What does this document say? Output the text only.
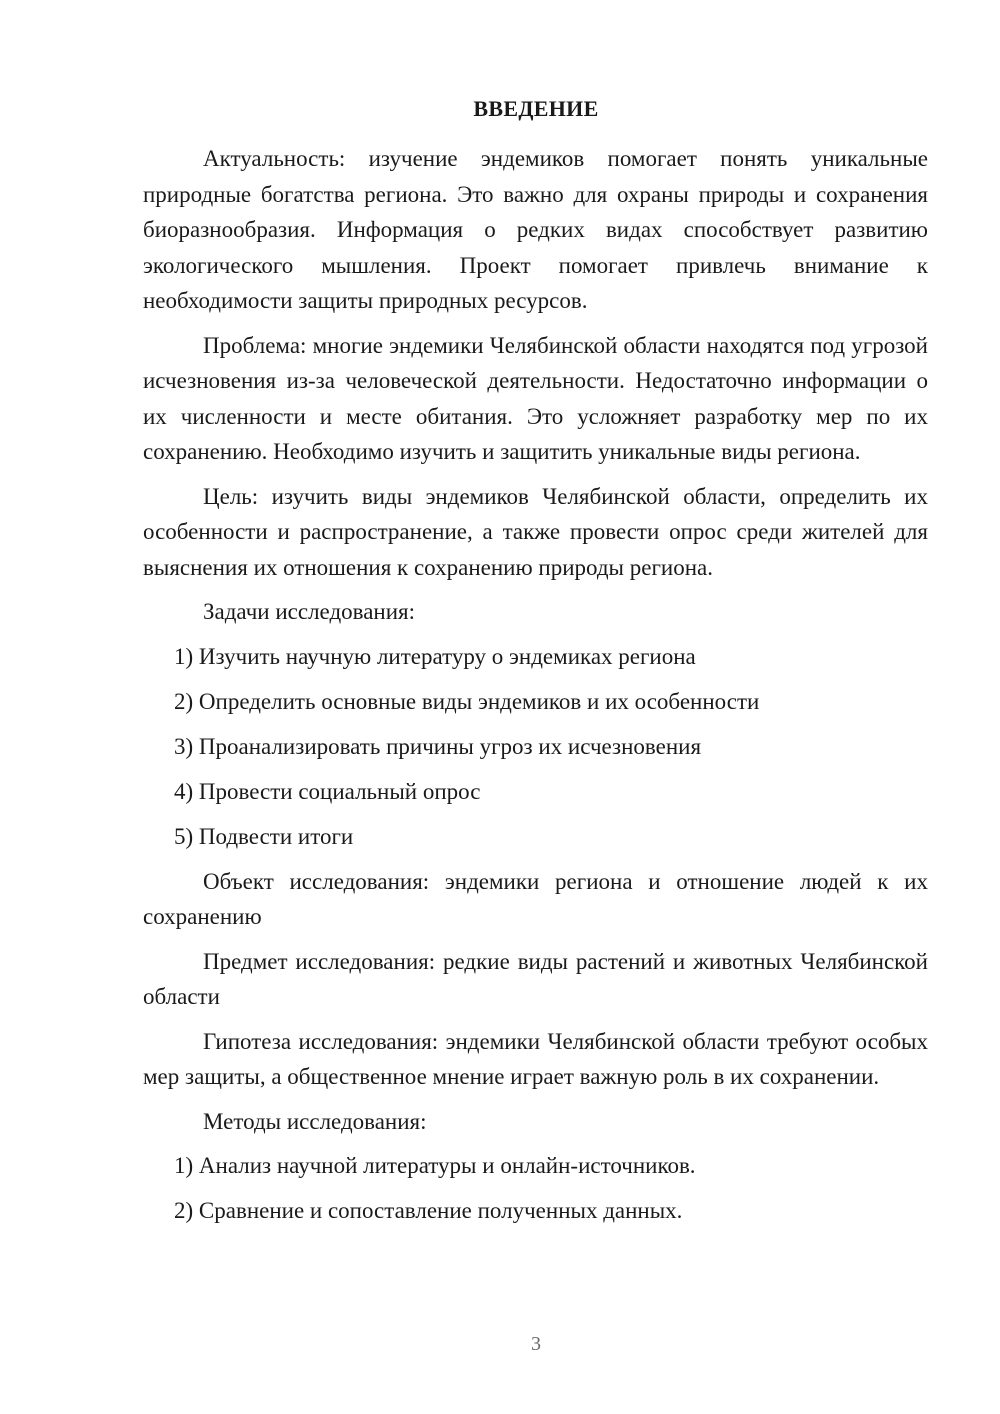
ВВЕДЕНИЕ

Актуальность: изучение эндемиков помогает понять уникальные природные богатства региона. Это важно для охраны природы и сохранения биоразнообразия. Информация о редких видах способствует развитию экологического мышления. Проект помогает привлечь внимание к необходимости защиты природных ресурсов.

Проблема: многие эндемики Челябинской области находятся под угрозой исчезновения из-за человеческой деятельности. Недостаточно информации о их численности и месте обитания. Это усложняет разработку мер по их сохранению. Необходимо изучить и защитить уникальные виды региона.

Цель: изучить виды эндемиков Челябинской области, определить их особенности и распространение, а также провести опрос среди жителей для выяснения их отношения к сохранению природы региона.

Задачи исследования:

1) Изучить научную литературу о эндемиках региона
2) Определить основные виды эндемиков и их особенности
3) Проанализировать причины угроз их исчезновения
4) Провести социальный опрос
5) Подвести итоги

Объект исследования: эндемики региона и отношение людей к их сохранению

Предмет исследования: редкие виды растений и животных Челябинской области

Гипотеза исследования: эндемики Челябинской области требуют особых мер защиты, а общественное мнение играет важную роль в их сохранении.

Методы исследования:

1) Анализ научной литературы и онлайн-источников.
2) Сравнение и сопоставление полученных данных.
3
